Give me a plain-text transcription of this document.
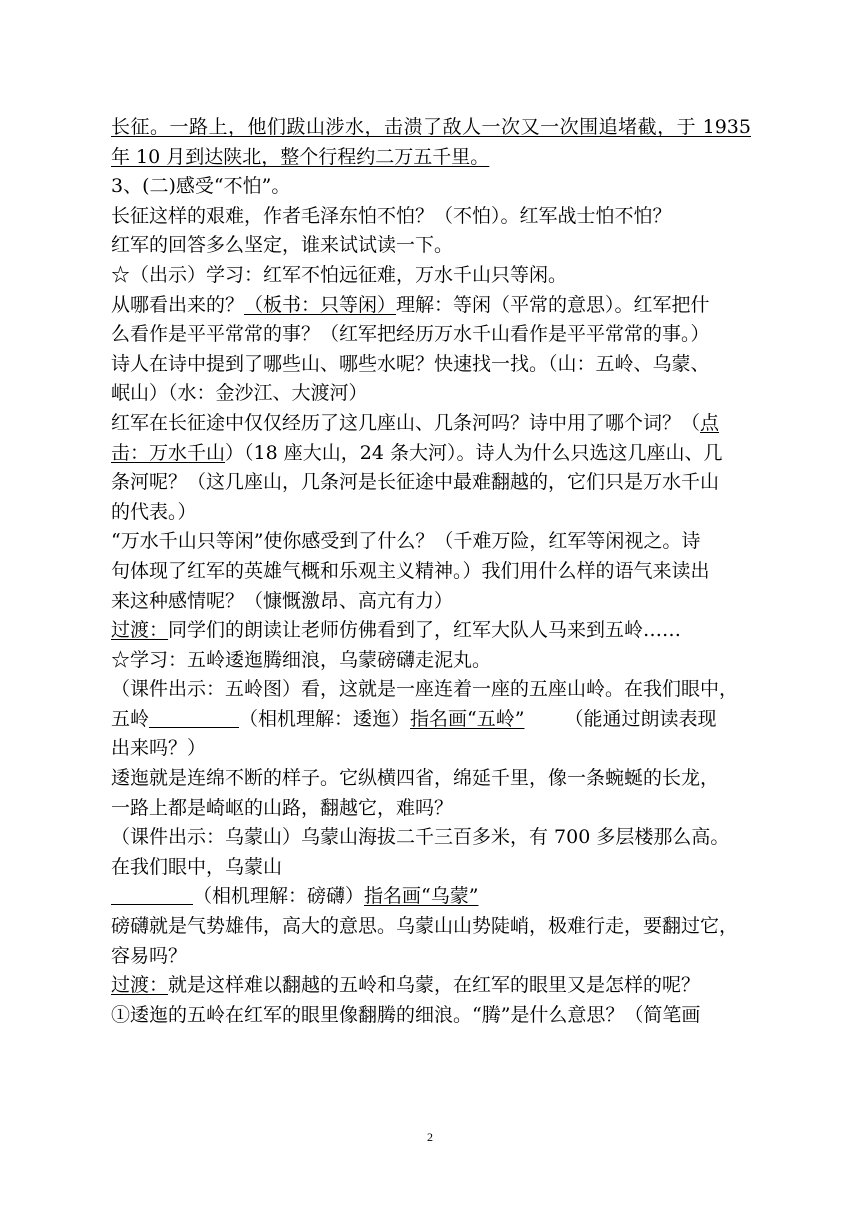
长征。一路上，他们跋山涉水，击溃了敌人一次又一次围追堵截，于 1935
年 10 月到达陕北，整个行程约二万五千里。
3、(二)感受“不怕”。
长征这样的艰难，作者毛泽东怕不怕？（不怕）。红军战士怕不怕？
红军的回答多么坚定，谁来试试读一下。
☆（出示）学习：红军不怕远征难，万水千山只等闲。
从哪看出来的？（板书：只等闲）理解：等闲（平常的意思）。红军把什
么看作是平平常常的事？（红军把经历万水千山看作是平平常常的事。）
诗人在诗中提到了哪些山、哪些水呢？快速找一找。（山：五岭、乌蒙、
岷山）（水：金沙江、大渡河）
红军在长征途中仅仅经历了这几座山、几条河吗？诗中用了哪个词？（点
击：万水千山）（18 座大山，24 条大河）。诗人为什么只选这几座山、几
条河呢？（这几座山，几条河是长征途中最难翻越的，它们只是万水千山
的代表。）
“万水千山只等闲”使你感受到了什么？（千难万险，红军等闲视之。诗
句体现了红军的英雄气概和乐观主义精神。）我们用什么样的语气来读出
来这种感情呢？（慷慨激昂、高亢有力）
过渡：同学们的朗读让老师仿佛看到了，红军大队人马来到五岭……
☆学习：五岭逶迤腾细浪，乌蒙磅礴走泥丸。
（课件出示：五岭图）看，这就是一座连着一座的五座山岭。在我们眼中，
五岭	（相机理解：逶迤）指名画“五岭” （能通过朗读表现
出来吗？）
逶迤就是连绵不断的样子。它纵横四省，绵延千里，像一条蜿蜒的长龙，
一路上都是崎岖的山路，翻越它，难吗？
（课件出示：乌蒙山）乌蒙山海拔二千三百多米，有 700 多层楼那么高。
在我们眼中，乌蒙山
（相机理解：磅礴）指名画“乌蒙”
磅礴就是气势雄伟，高大的意思。乌蒙山山势陡峭，极难行走，要翻过它，
容易吗？
过渡：就是这样难以翻越的五岭和乌蒙，在红军的眼里又是怎样的呢？
①逶迤的五岭在红军的眼里像翻腾的细浪。“腾”是什么意思？（简笔画
2
